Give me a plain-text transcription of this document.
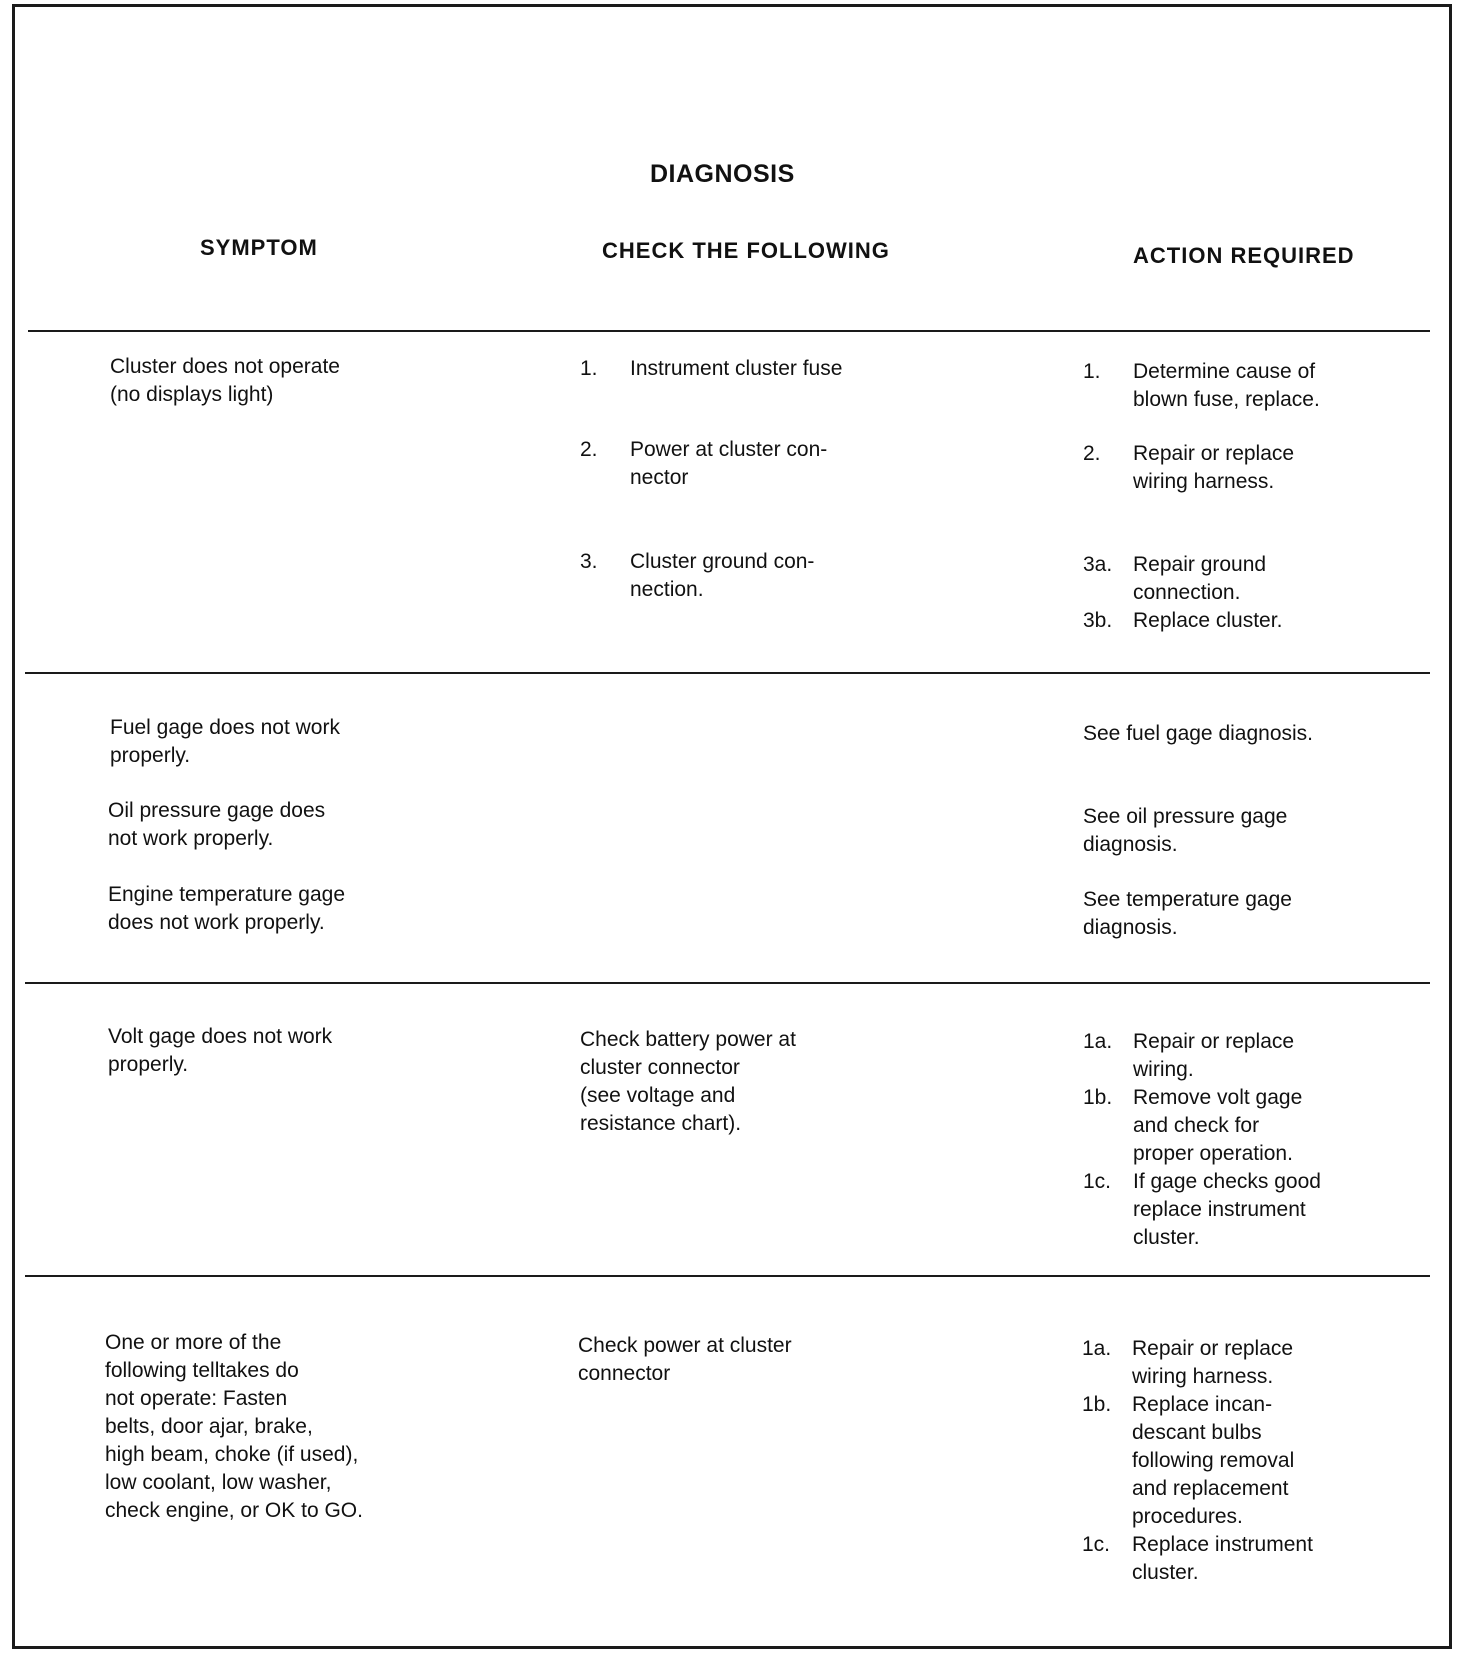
DIAGNOSIS
SYMPTOM	CHECK THE FOLLOWING	ACTION REQUIRED
Cluster does not operate
(no displays light)
1. Instrument cluster fuse
2. Power at cluster con-
nector
3. Cluster ground con-
nection.
1. Determine cause of
blown fuse, replace.
2. Repair or replace
wiring harness.
3a. Repair ground
connection.
3b. Replace cluster.
Fuel gage does not work
properly.
Oil pressure gage does
not work properly.
Engine temperature gage
does not work properly.
See fuel gage diagnosis.
See oil pressure gage
diagnosis.
See temperature gage
diagnosis.
Volt gage does not work
properly.
Check battery power at
cluster connector
(see voltage and
resistance chart).
1a. Repair or replace
wiring.
1b. Remove volt gage
and check for
proper operation.
1c. If gage checks good
replace instrument
cluster.
One or more of the
following telltakes do
not operate: Fasten
belts, door ajar, brake,
high beam, choke (if used),
low coolant, low washer,
check engine, or OK to GO.
Check power at cluster
connector
1a. Repair or replace
wiring harness.
1b. Replace incan-
descant bulbs
following removal
and replacement
procedures.
1c. Replace instrument
cluster.
